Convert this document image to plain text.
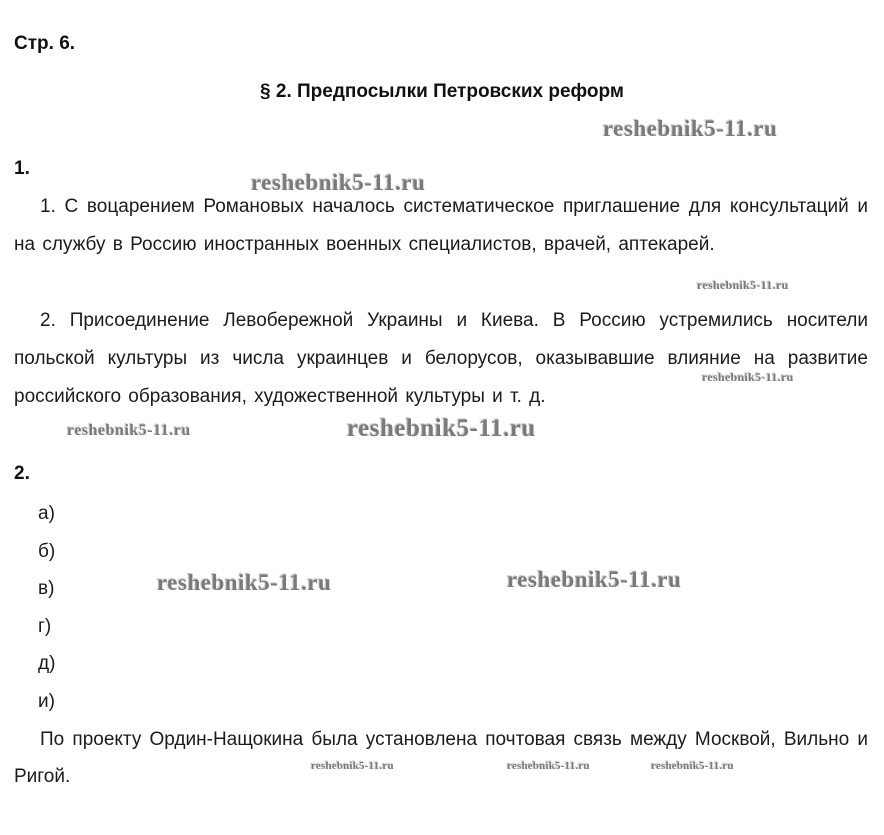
Стр. 6.
§ 2. Предпосылки Петровских реформ
1.

1. С воцарением Романовых началось систематическое приглашение для консультаций и на службу в Россию иностранных военных специалистов, врачей, аптекарей.

2. Присоединение Левобережной Украины и Киева. В Россию устремились носители польской культуры из числа украинцев и белорусов, оказывавшие влияние на развитие российского образования, художественной культуры и т. д.

2.
а)
б)
в)
г)
д)
и)

По проекту Ордин-Нащокина была установлена почтовая связь между Москвой, Вильно и Ригой.

reshebnik5-11.ru
reshebnik5-11.ru
reshebnik5-11.ru
reshebnik5-11.ru
reshebnik5-11.ru	reshebnik5-11.ru
reshebnik5-11.ru	reshebnik5-11.ru
reshebnik5-11.ru	reshebnik5-11.ru	reshebnik5-11.ru
